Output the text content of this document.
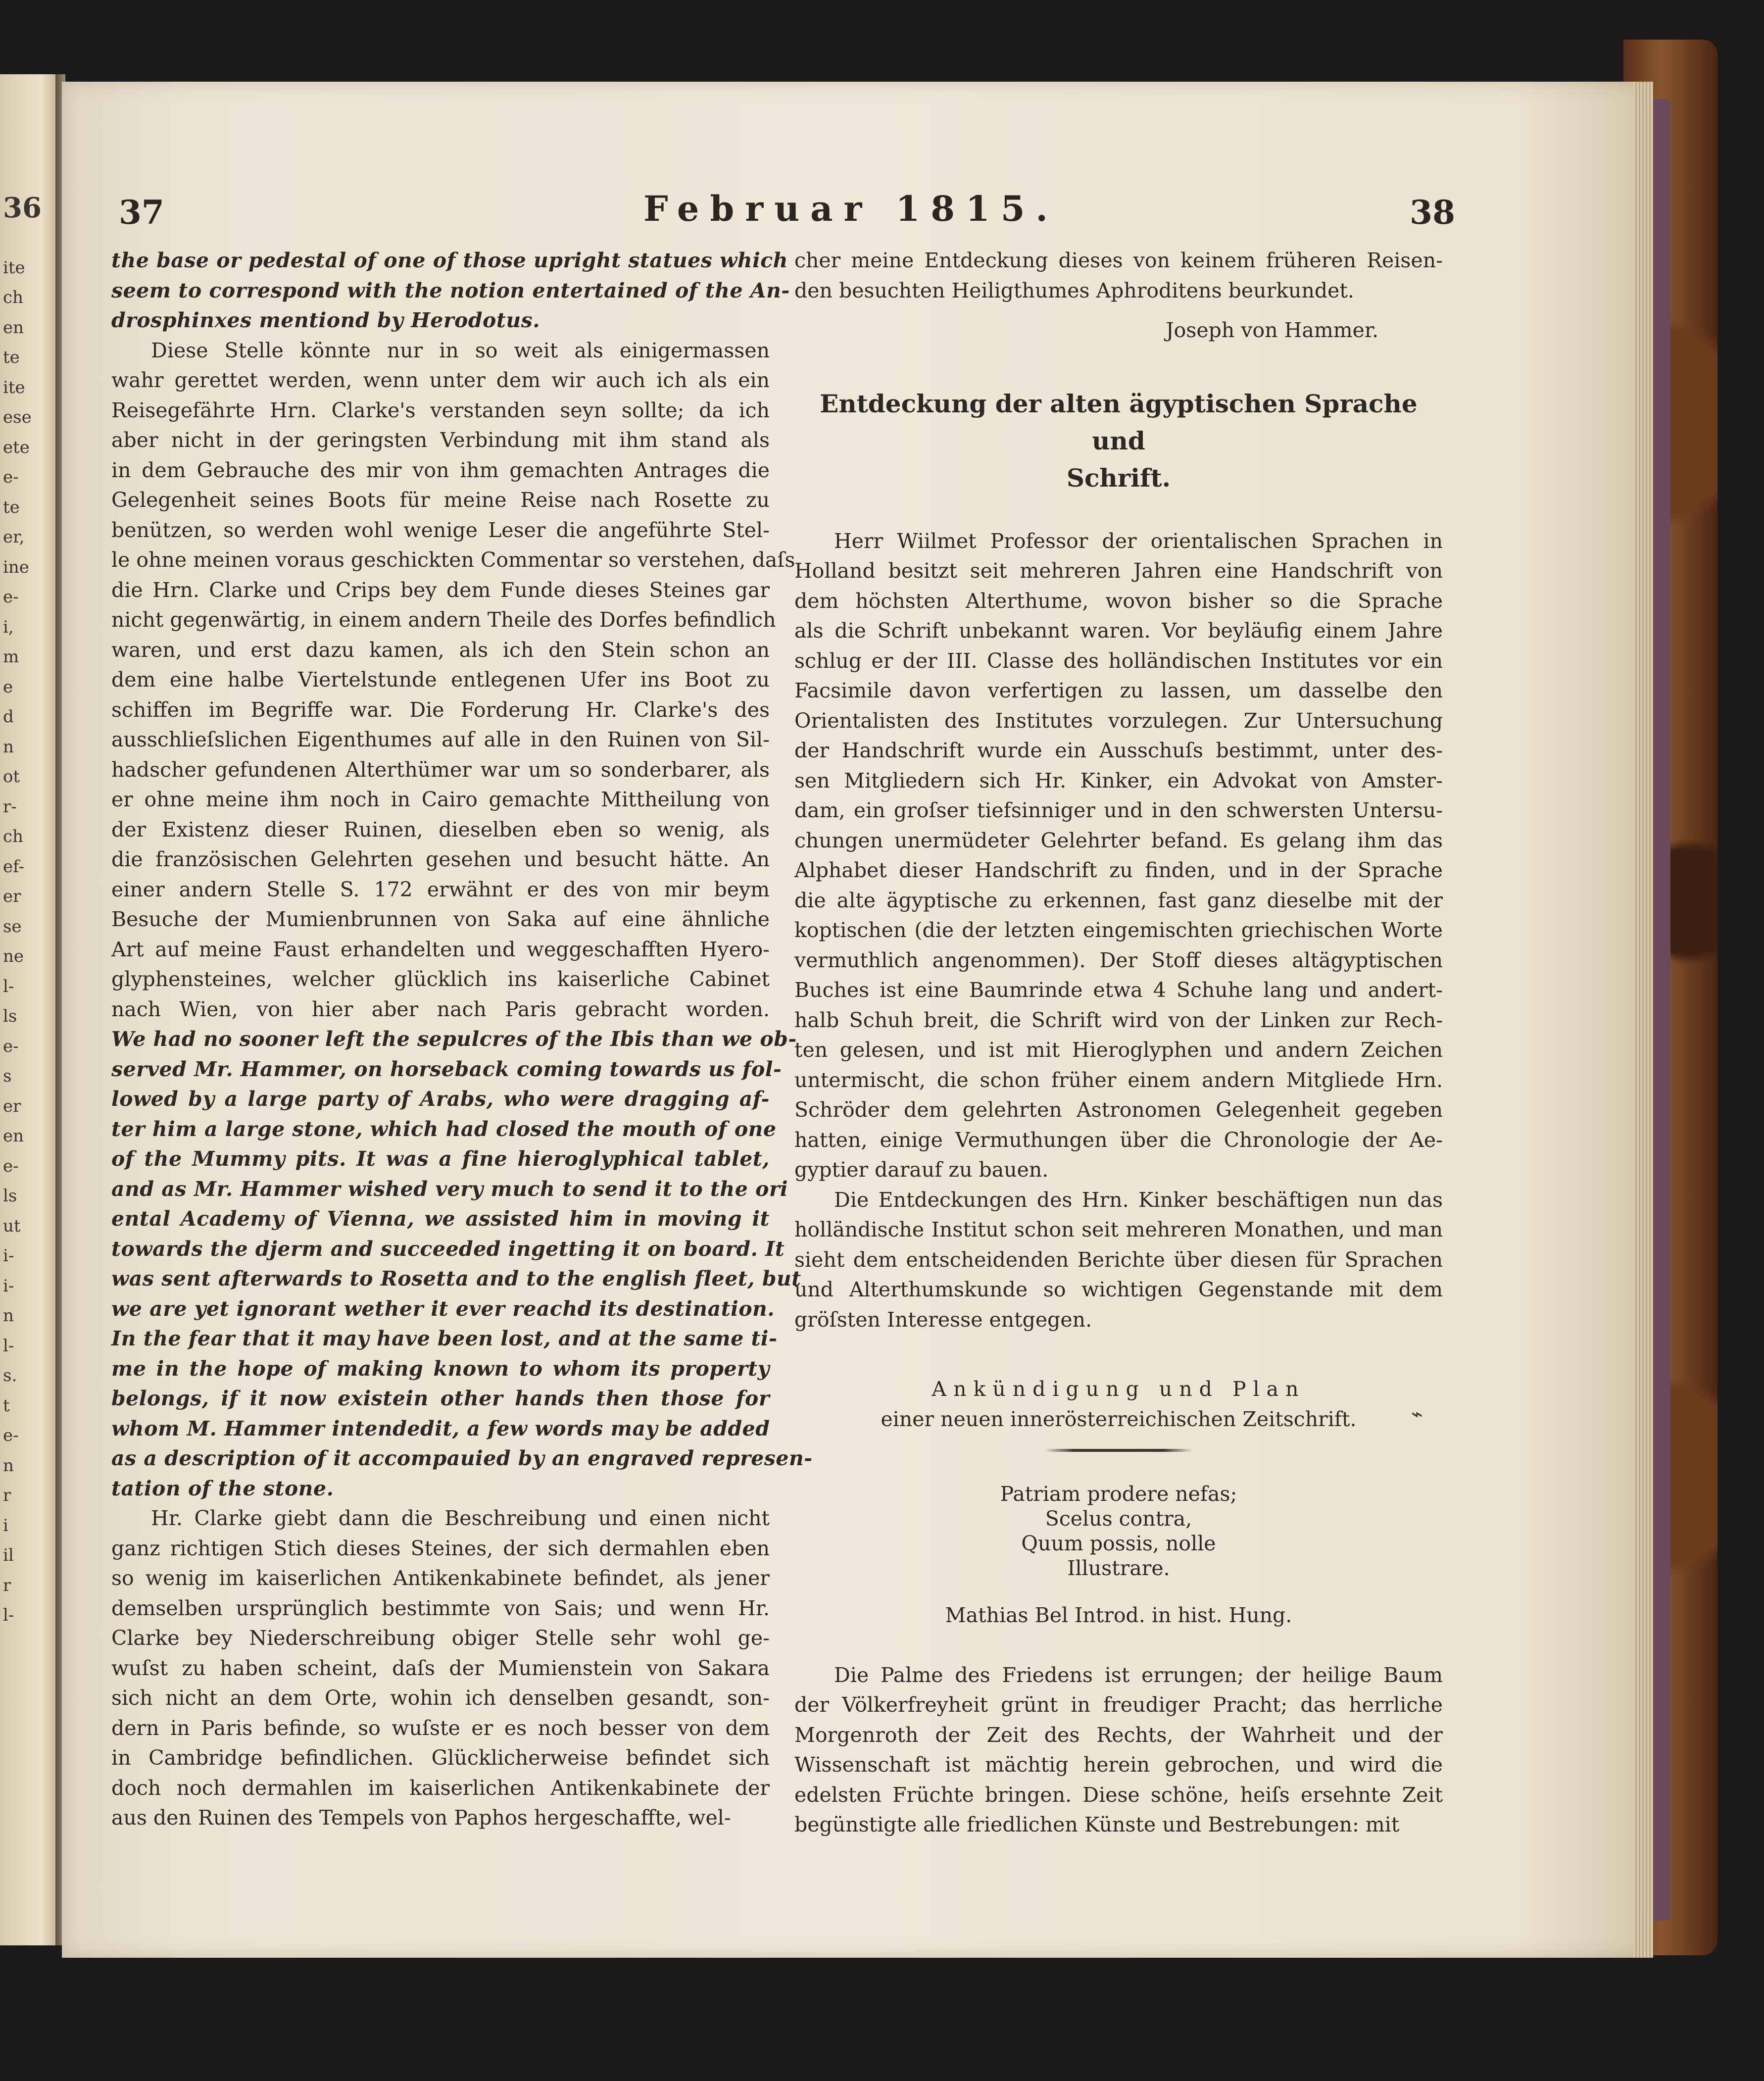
36
ite
ch
en
te
ite
ese
ete
e-
te
er,
ine
e-
i,
m
e
d
n
ot
r-
ch
ef-
er
se
ne
l-
ls
e-
s
er
en
e-
ls
ut
i-
i-
n
l-
s.
t
e-
n
r
i
il
r
l-
37	Februar 1815.	38
the base or pedestal of one of those upright statues which
seem to correspond with the notion entertained of the An-
drosphinxes mentiond by Herodotus.
Diese Stelle könnte nur in so weit als einigermassen
wahr gerettet werden, wenn unter dem wir auch ich als ein
Reisegefährte Hrn. Clarke's verstanden seyn sollte; da ich
aber nicht in der geringsten Verbindung mit ihm stand als
in dem Gebrauche des mir von ihm gemachten Antrages die
Gelegenheit seines Boots für meine Reise nach Rosette zu
benützen, so werden wohl wenige Leser die angeführte Stel-
le ohne meinen voraus geschickten Commentar so verstehen, daſs
die Hrn. Clarke und Crips bey dem Funde dieses Steines gar
nicht gegenwärtig, in einem andern Theile des Dorfes befindlich
waren, und erst dazu kamen, als ich den Stein schon an
dem eine halbe Viertelstunde entlegenen Ufer ins Boot zu
schiffen im Begriffe war. Die Forderung Hr. Clarke's des
ausschlieſslichen Eigenthumes auf alle in den Ruinen von Sil-
hadscher gefundenen Alterthümer war um so sonderbarer, als
er ohne meine ihm noch in Cairo gemachte Mittheilung von
der Existenz dieser Ruinen, dieselben eben so wenig, als
die französischen Gelehrten gesehen und besucht hätte. An
einer andern Stelle S. 172 erwähnt er des von mir beym
Besuche der Mumienbrunnen von Saka auf eine ähnliche
Art auf meine Faust erhandelten und weggeschafften Hyero-
glyphensteines, welcher glücklich ins kaiserliche Cabinet
nach Wien, von hier aber nach Paris gebracht worden.
We had no sooner left the sepulcres of the Ibis than we ob-
served Mr. Hammer, on horseback coming towards us fol-
lowed by a large party of Arabs, who were dragging af-
ter him a large stone, which had closed the mouth of one
of the Mummy pits. It was a fine hieroglyphical tablet,
and as Mr. Hammer wished very much to send it to the ori
ental Academy of Vienna, we assisted him in moving it
towards the djerm and succeeded ingetting it on board. It
was sent afterwards to Rosetta and to the english fleet, but
we are yet ignorant wether it ever reachd its destination.
In the fear that it may have been lost, and at the same ti-
me in the hope of making known to whom its property
belongs, if it now existein other hands then those for
whom M. Hammer intendedit, a few words may be added
as a description of it accompauied by an engraved represen-
tation of the stone.
Hr. Clarke giebt dann die Beschreibung und einen nicht
ganz richtigen Stich dieses Steines, der sich dermahlen eben
so wenig im kaiserlichen Antikenkabinete befindet, als jener
demselben ursprünglich bestimmte von Sais; und wenn Hr.
Clarke bey Niederschreibung obiger Stelle sehr wohl ge-
wuſst zu haben scheint, daſs der Mumienstein von Sakara
sich nicht an dem Orte, wohin ich denselben gesandt, son-
dern in Paris befinde, so wuſste er es noch besser von dem
in Cambridge befindlichen. Glücklicherweise befindet sich
doch noch dermahlen im kaiserlichen Antikenkabinete der
aus den Ruinen des Tempels von Paphos hergeschaffte, wel-
cher meine Entdeckung dieses von keinem früheren Reisen-
den besuchten Heiligthumes Aphroditens beurkundet.
Joseph von Hammer.
Entdeckung der alten ägyptischen Sprache und
Schrift.
Herr Wiilmet Professor der orientalischen Sprachen in
Holland besitzt seit mehreren Jahren eine Handschrift von
dem höchsten Alterthume, wovon bisher so die Sprache
als die Schrift unbekannt waren. Vor beyläufig einem Jahre
schlug er der III. Classe des holländischen Institutes vor ein
Facsimile davon verfertigen zu lassen, um dasselbe den
Orientalisten des Institutes vorzulegen. Zur Untersuchung
der Handschrift wurde ein Ausschuſs bestimmt, unter des-
sen Mitgliedern sich Hr. Kinker, ein Advokat von Amster-
dam, ein groſser tiefsinniger und in den schwersten Untersu-
chungen unermüdeter Gelehrter befand. Es gelang ihm das
Alphabet dieser Handschrift zu finden, und in der Sprache
die alte ägyptische zu erkennen, fast ganz dieselbe mit der
koptischen (die der letzten eingemischten griechischen Worte
vermuthlich angenommen). Der Stoff dieses altägyptischen
Buches ist eine Baumrinde etwa 4 Schuhe lang und andert-
halb Schuh breit, die Schrift wird von der Linken zur Rech-
ten gelesen, und ist mit Hieroglyphen und andern Zeichen
untermischt, die schon früher einem andern Mitgliede Hrn.
Schröder dem gelehrten Astronomen Gelegenheit gegeben
hatten, einige Vermuthungen über die Chronologie der Ae-
gyptier darauf zu bauen.
Die Entdeckungen des Hrn. Kinker beschäftigen nun das
holländische Institut schon seit mehreren Monathen, und man
sieht dem entscheidenden Berichte über diesen für Sprachen
und Alterthumskunde so wichtigen Gegenstande mit dem
gröſsten Interesse entgegen.
Ankündigung und Plan
einer neuen innerösterreichischen Zeitschrift.	⌁
Patriam prodere nefas;
Scelus contra,
Quum possis, nolle
Illustrare.
Mathias Bel Introd. in hist. Hung.
Die Palme des Friedens ist errungen; der heilige Baum
der Völkerfreyheit grünt in freudiger Pracht; das herrliche
Morgenroth der Zeit des Rechts, der Wahrheit und der
Wissenschaft ist mächtig herein gebrochen, und wird die
edelsten Früchte bringen. Diese schöne, heiſs ersehnte Zeit
begünstigte alle friedlichen Künste und Bestrebungen: mit
